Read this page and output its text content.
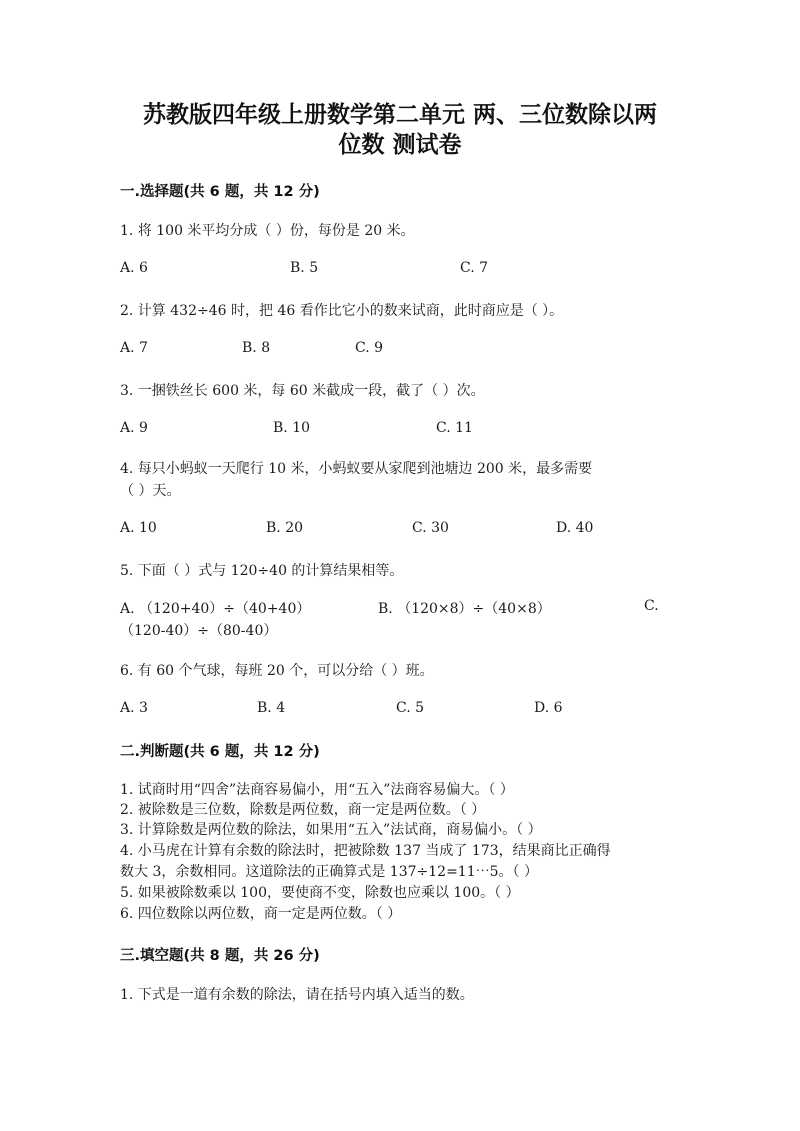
苏教版四年级上册数学第二单元 两、三位数除以两
位数 测试卷
一.选择题(共 6 题，共 12 分)
1. 将 100 米平均分成（ ）份，每份是 20 米。
A. 6	B. 5	C. 7
2. 计算 432÷46 时，把 46 看作比它小的数来试商，此时商应是（ ）。
A. 7	B. 8	C. 9
3. 一捆铁丝长 600 米，每 60 米截成一段，截了（ ）次。
A. 9	B. 10	C. 11
4. 每只小蚂蚁一天爬行 10 米，小蚂蚁要从家爬到池塘边 200 米，最多需要
（ ）天。
A. 10	B. 20	C. 30	D. 40
5. 下面（ ）式与 120÷40 的计算结果相等。
A. （120+40）÷（40+40）	B. （120×8）÷（40×8）	C.
（120-40）÷（80-40）
6. 有 60 个气球，每班 20 个，可以分给（ ）班。
A. 3	B. 4	C. 5	D. 6
二.判断题(共 6 题，共 12 分)
1. 试商时用“四舍”法商容易偏小，用“五入”法商容易偏大。（ ）
2. 被除数是三位数，除数是两位数，商一定是两位数。（ ）
3. 计算除数是两位数的除法，如果用“五入”法试商，商易偏小。（ ）
4. 小马虎在计算有余数的除法时，把被除数 137 当成了 173，结果商比正确得
数大 3，余数相同。这道除法的正确算式是 137÷12=11⋯5。（ ）
5. 如果被除数乘以 100，要使商不变，除数也应乘以 100。（ ）
6. 四位数除以两位数，商一定是两位数。（ ）
三.填空题(共 8 题，共 26 分)
1. 下式是一道有余数的除法，请在括号内填入适当的数。
